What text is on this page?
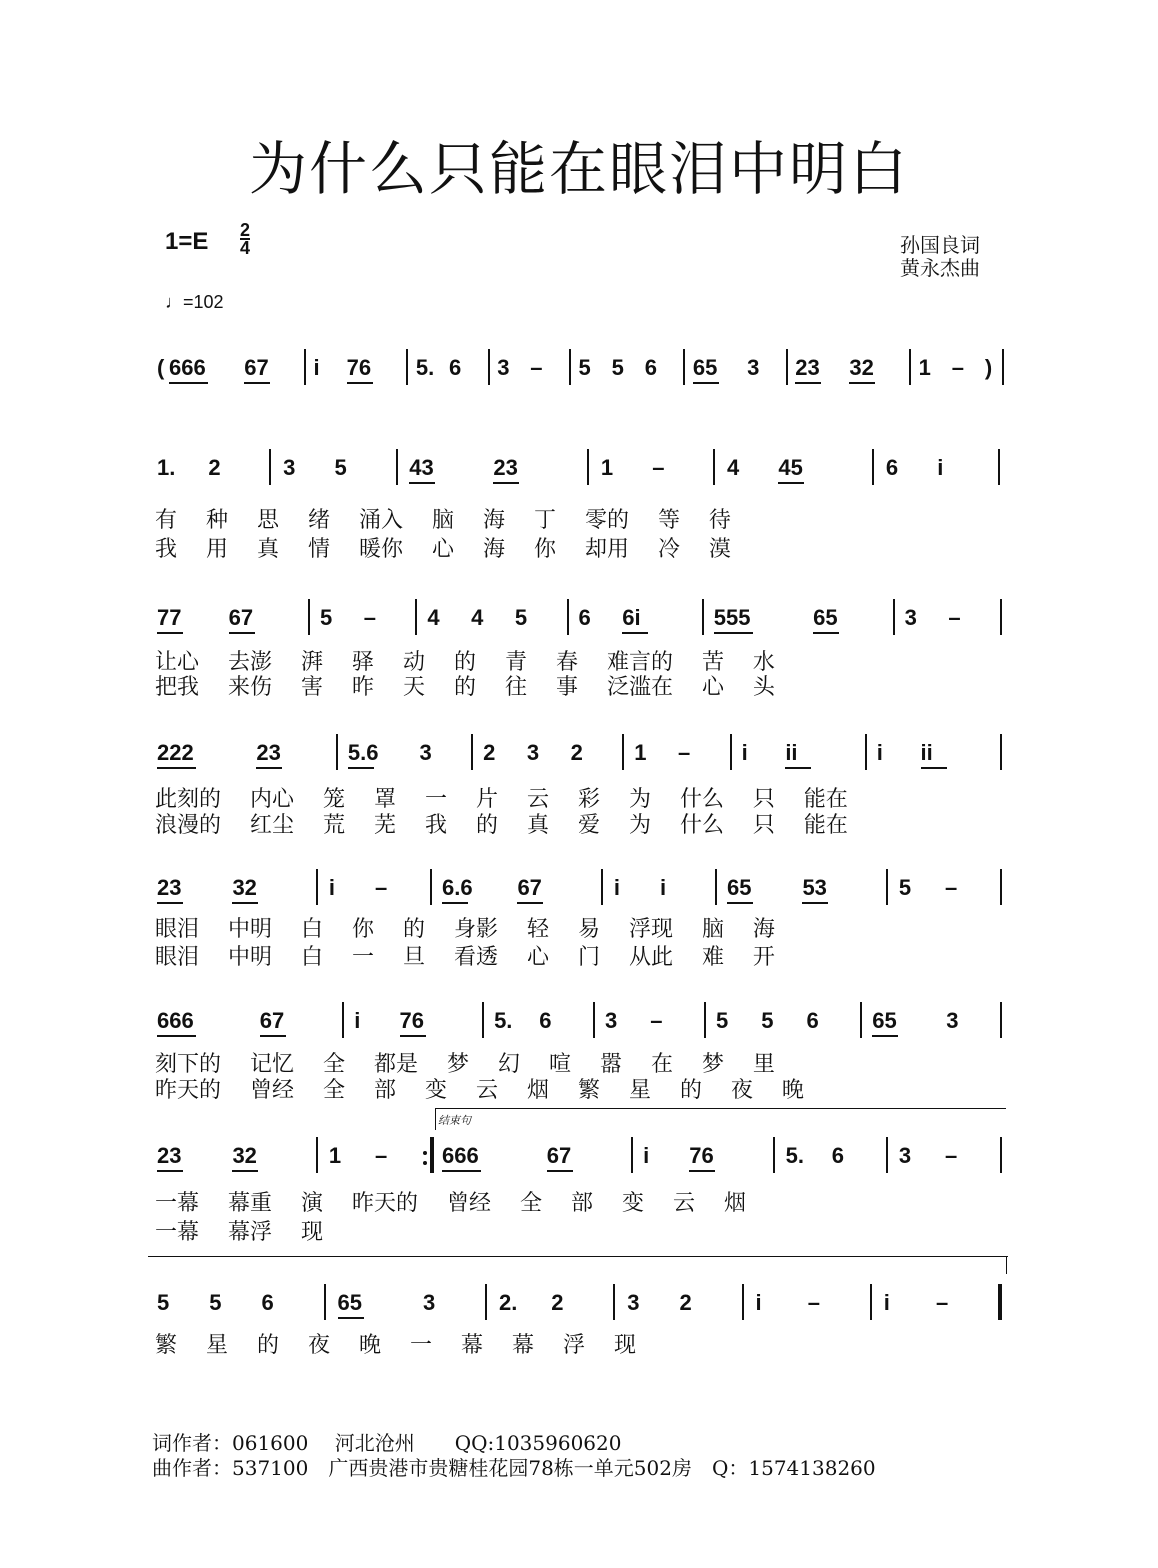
为什么只能在眼泪中明白
1=E 2
4
♩=102
孙国良词
黄永杰曲
( 666 67 i 76 5. 6 3 – 5 5 6 65 3 23 32 1 – )
1. 2	3 5	43	23	1 –	4 45	6 i
有 种 思 绪 涌入 脑 海 丁 零的 等 待
我 用 真 情 暖你 心 海 你 却用 冷 漠
77 67	5 – 4 4 5 6 6i	555	65	3 –
让心 去澎 湃 驿 动 的 青 春 难言的 苦 水
把我 来伤 害 昨 天 的 往 事 泛滥在 心 头
222	23	5.6 3 2 3 2 1 – i ii	i ii
此刻的 内心 笼 罩 一 片 云 彩 为 什么 只 能在
浪漫的 红尘 荒 芜 我 的 真 爱 为 什么 只 能在
23 32	i – 6.6 67	i i	65 53	5 –
眼泪 中明 白 你 的 身影 轻 易 浮现 脑 海
眼泪 中明 白 一 旦 看透 心 门 从此 难 开
666	67	i 76	5. 6 3 – 5 5 6 65 3
刻下的 记忆 全 都是 梦 幻 喧 嚣 在 梦 里
昨天的 曾经 全 部 变 云 烟 繁 星 的 夜 晚
23 32	1 – 666	67	i 76	5. 6 3 –
一幕 幕重 演 昨天的 曾经 全 部 变 云 烟
一幕 幕浮 现
5 5 6	65	3	2. 2	3 2	i –	i –
繁 星 的 夜 晚 一 幕 幕 浮 现
结束句
词作者：061600　 河北沧州　　QQ:1035960620
曲作者：537100　广西贵港市贵糖桂花园78栋一单元502房　Q：1574138260
